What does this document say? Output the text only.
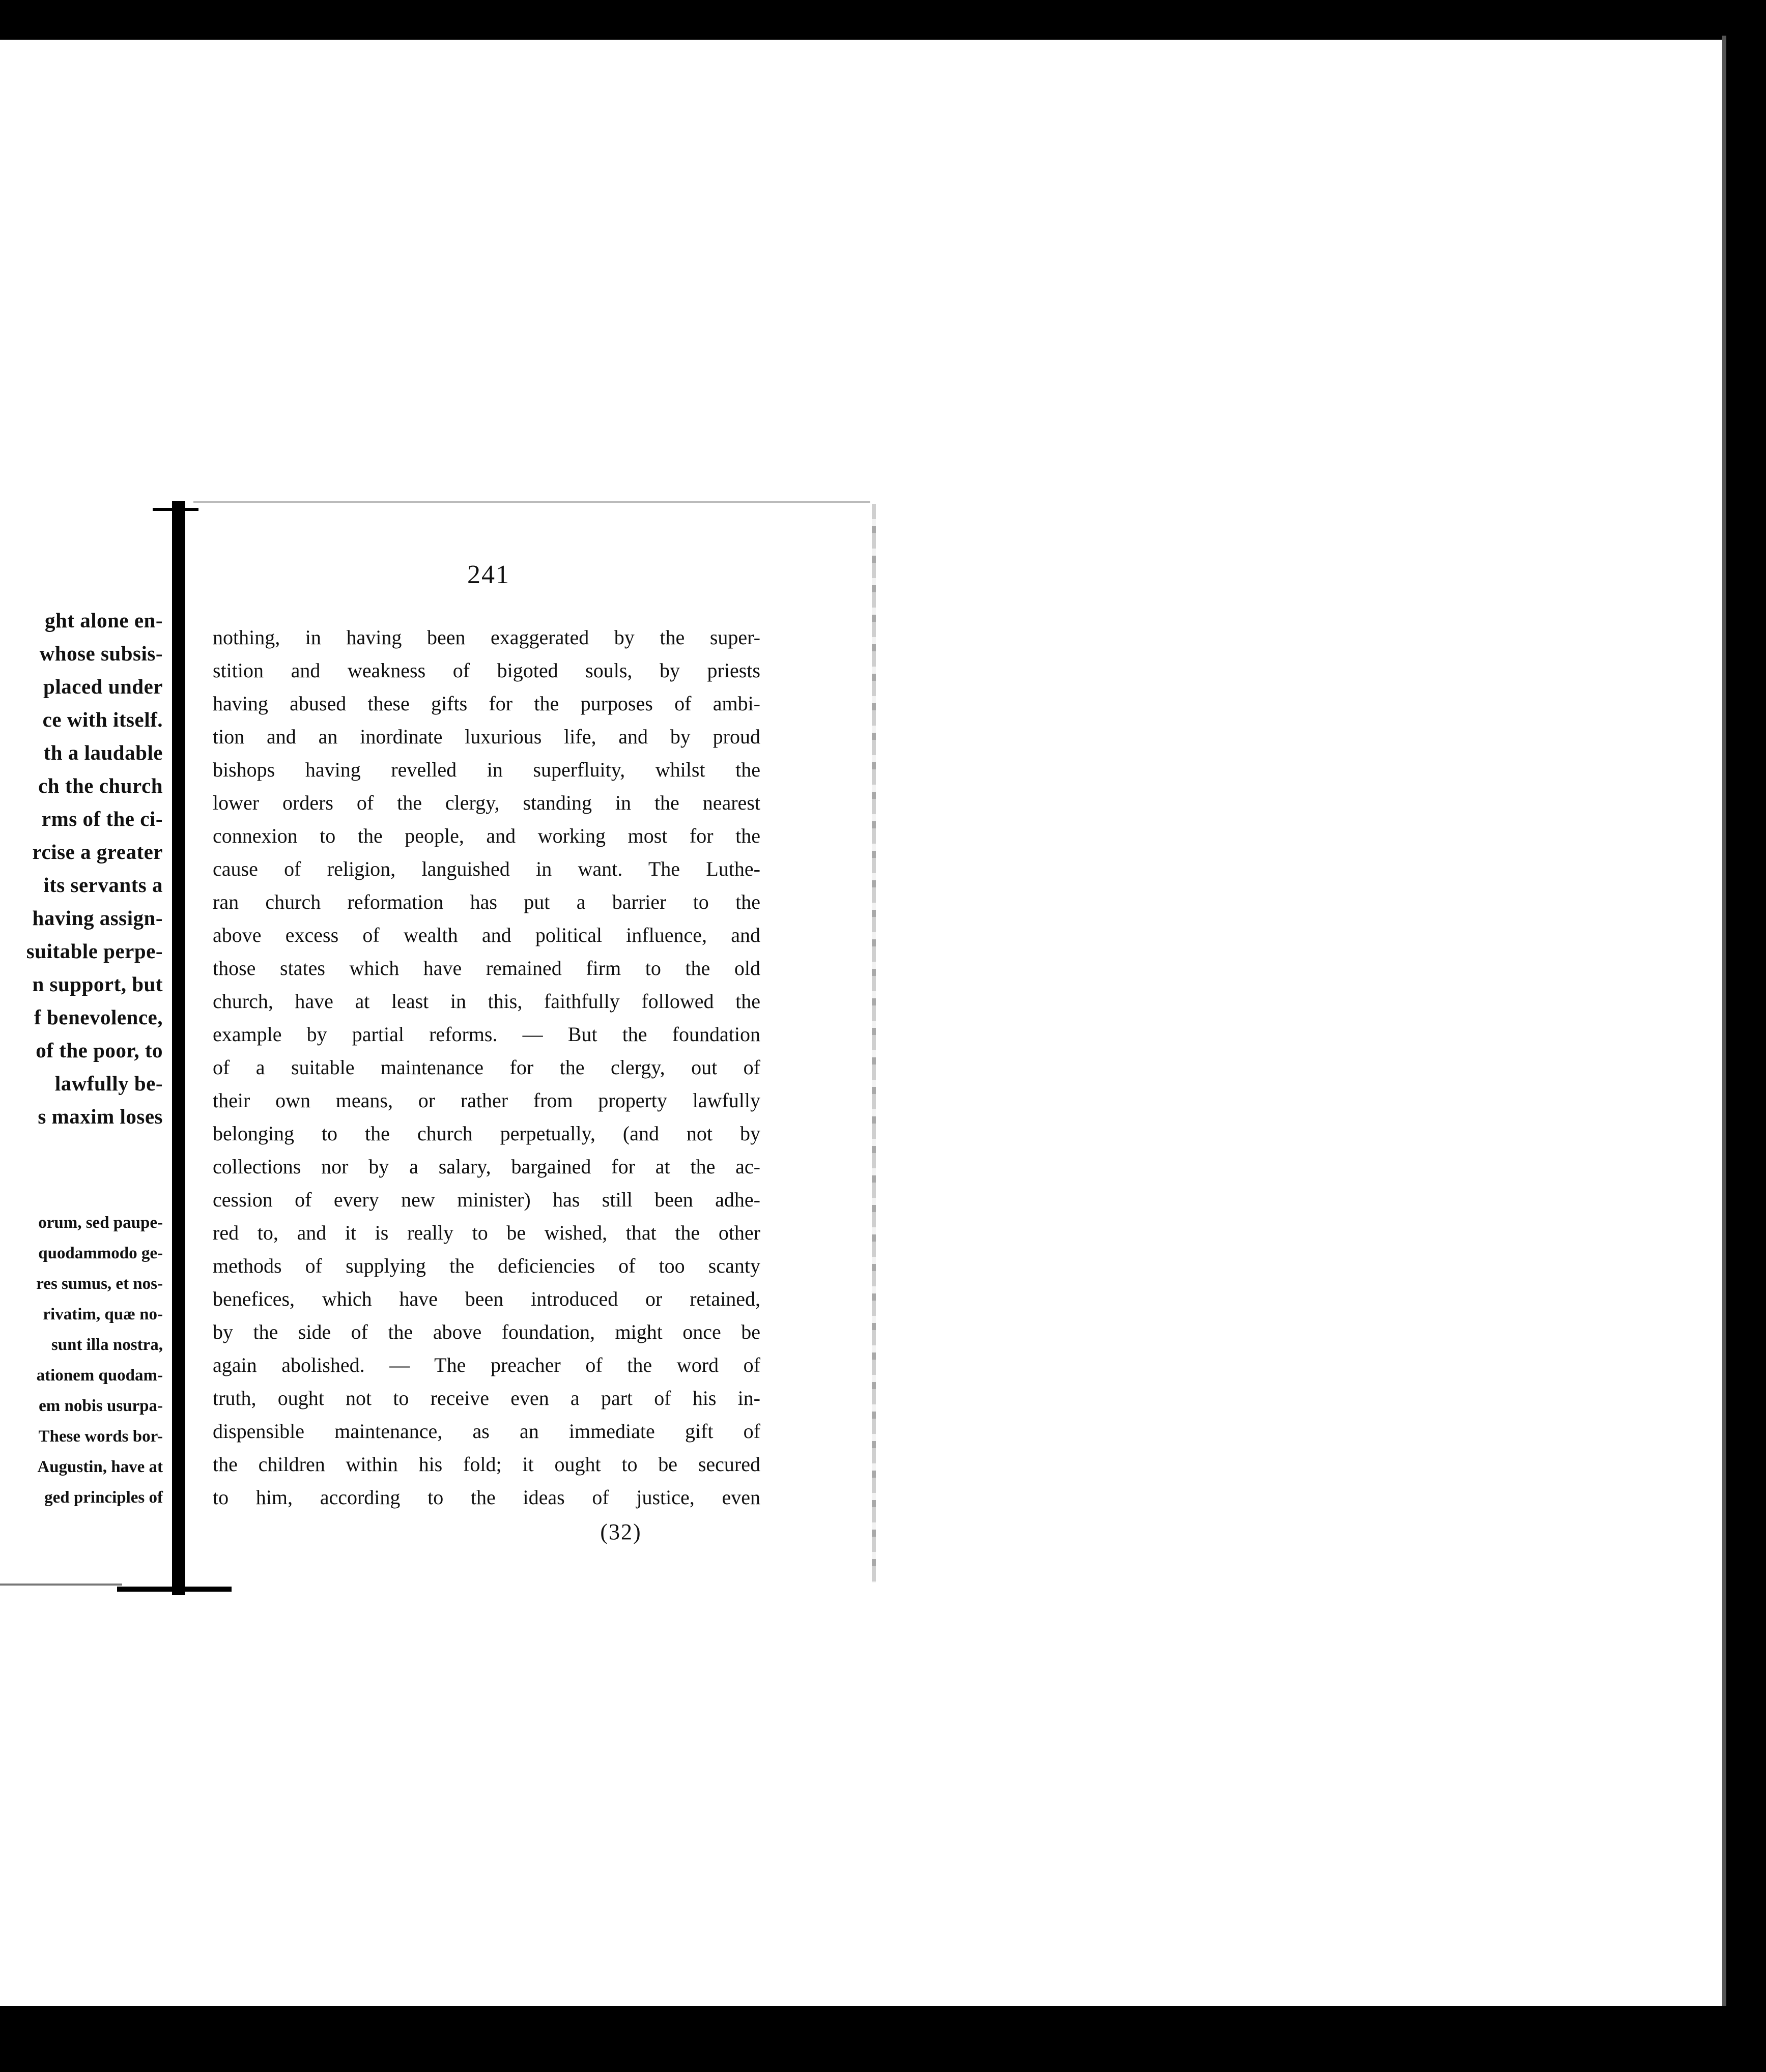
ght alone en-
whose subsis-
placed under
ce with itself.
th a laudable
ch the church
rms of the ci-
rcise a greater
its servants a
having assign-
suitable perpe-
n support, but
f benevolence,
of the poor, to
lawfully be-
s maxim loses
orum, sed paupe-
quodammodo ge-
res sumus, et nos-
rivatim, quæ no-
sunt illa nostra,
ationem quodam-
em nobis usurpa-
These words bor-
Augustin, have at
ged principles of
241
nothing, in having been exaggerated by the super-
stition and weakness of bigoted souls, by priests
having abused these gifts for the purposes of ambi-
tion and an inordinate luxurious life, and by proud
bishops having revelled in superfluity, whilst the
lower orders of the clergy, standing in the nearest
connexion to the people, and working most for the
cause of religion, languished in want. The Luthe-
ran church reformation has put a barrier to the
above excess of wealth and political influence, and
those states which have remained firm to the old
church, have at least in this, faithfully followed the
example by partial reforms. — But the foundation
of a suitable maintenance for the clergy, out of
their own means, or rather from property lawfully
belonging to the church perpetually, (and not by
collections nor by a salary, bargained for at the ac-
cession of every new minister) has still been adhe-
red to, and it is really to be wished, that the other
methods of supplying the deficiencies of too scanty
benefices, which have been introduced or retained,
by the side of the above foundation, might once be
again abolished. — The preacher of the word of
truth, ought not to receive even a part of his in-
dispensible maintenance, as an immediate gift of
the children within his fold; it ought to be secured
to him, according to the ideas of justice, even
(32)
